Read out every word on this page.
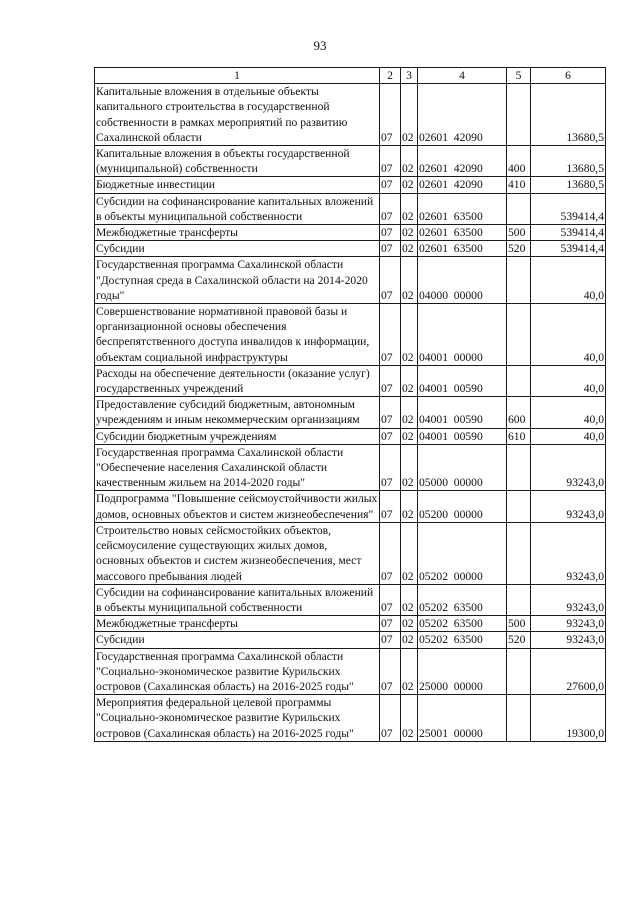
93
1	2	3	4	5	6
Капитальные вложения в отдельные объекты капитального строительства в государственной собственности в рамках мероприятий по развитию Сахалинской области	07	02	02601  42090		13680,5
Капитальные вложения в объекты государственной (муниципальной) собственности	07	02	02601  42090	400	13680,5
Бюджетные инвестиции	07	02	02601  42090	410	13680,5
Субсидии на софинансирование капитальных вложений в объекты муниципальной собственности	07	02	02601  63500		539414,4
Межбюджетные трансферты	07	02	02601  63500	500	539414,4
Субсидии	07	02	02601  63500	520	539414,4
Государственная программа Сахалинской области "Доступная среда в Сахалинской области на 2014-2020 годы"	07	02	04000  00000		40,0
Совершенствование нормативной правовой базы и организационной основы обеспечения беспрепятственного доступа инвалидов к информации, объектам социальной инфраструктуры	07	02	04001  00000		40,0
Расходы на обеспечение деятельности (оказание услуг) государственных учреждений	07	02	04001  00590		40,0
Предоставление субсидий бюджетным, автономным учреждениям и иным некоммерческим организациям	07	02	04001  00590	600	40,0
Субсидии бюджетным учреждениям	07	02	04001  00590	610	40,0
Государственная программа Сахалинской области "Обеспечение населения Сахалинской области качественным жильем на 2014-2020 годы"	07	02	05000  00000		93243,0
Подпрограмма "Повышение сейсмоустойчивости жилых домов, основных объектов и систем жизнеобеспечения"	07	02	05200  00000		93243,0
Строительство новых сейсмостойких объектов, сейсмоусиление существующих жилых домов, основных объектов и систем жизнеобеспечения, мест массового пребывания людей	07	02	05202  00000		93243,0
Субсидии на софинансирование капитальных вложений в объекты муниципальной собственности	07	02	05202  63500		93243,0
Межбюджетные трансферты	07	02	05202  63500	500	93243,0
Субсидии	07	02	05202  63500	520	93243,0
Государственная программа Сахалинской области "Социально-экономическое развитие Курильских островов (Сахалинская область) на 2016-2025 годы"	07	02	25000  00000		27600,0
Мероприятия федеральной целевой программы "Социально-экономическое развитие Курильских островов (Сахалинская область) на 2016-2025 годы"	07	02	25001  00000		19300,0
